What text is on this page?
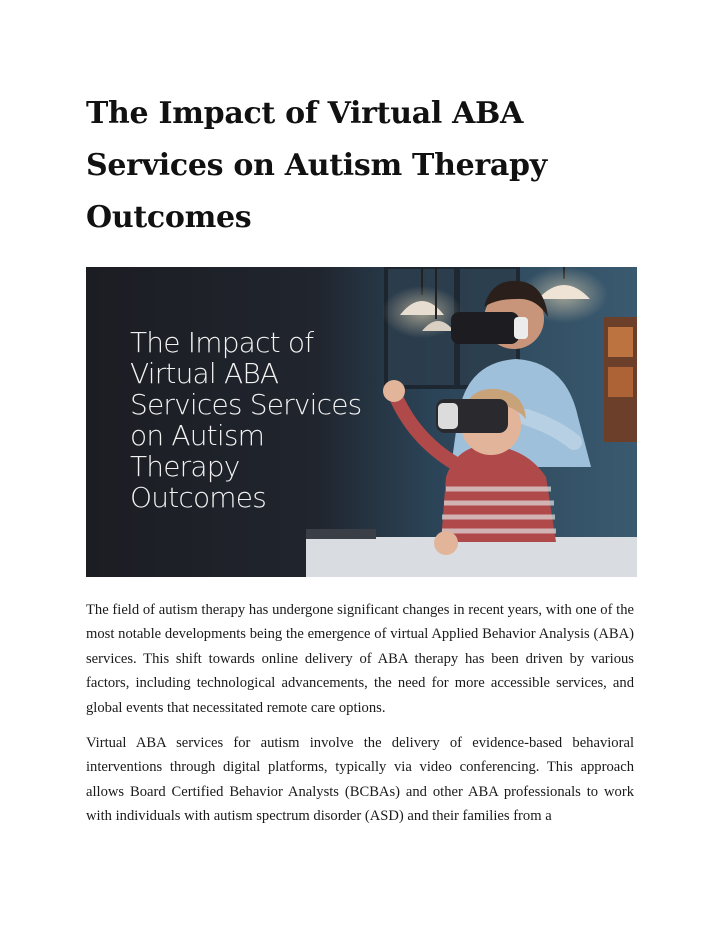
The Impact of Virtual ABA Services on Autism Therapy Outcomes

The Impact of Virtual ABA Services Services on Autism Therapy Outcomes

The field of autism therapy has undergone significant changes in recent years, with one of the most notable developments being the emergence of virtual Applied Behavior Analysis (ABA) services. This shift towards online delivery of ABA therapy has been driven by various factors, including technological advancements, the need for more accessible services, and global events that necessitated remote care options.

Virtual ABA services for autism involve the delivery of evidence-based behavioral interventions through digital platforms, typically via video conferencing. This approach allows Board Certified Behavior Analysts (BCBAs) and other ABA professionals to work with individuals with autism spectrum disorder (ASD) and their families from a
